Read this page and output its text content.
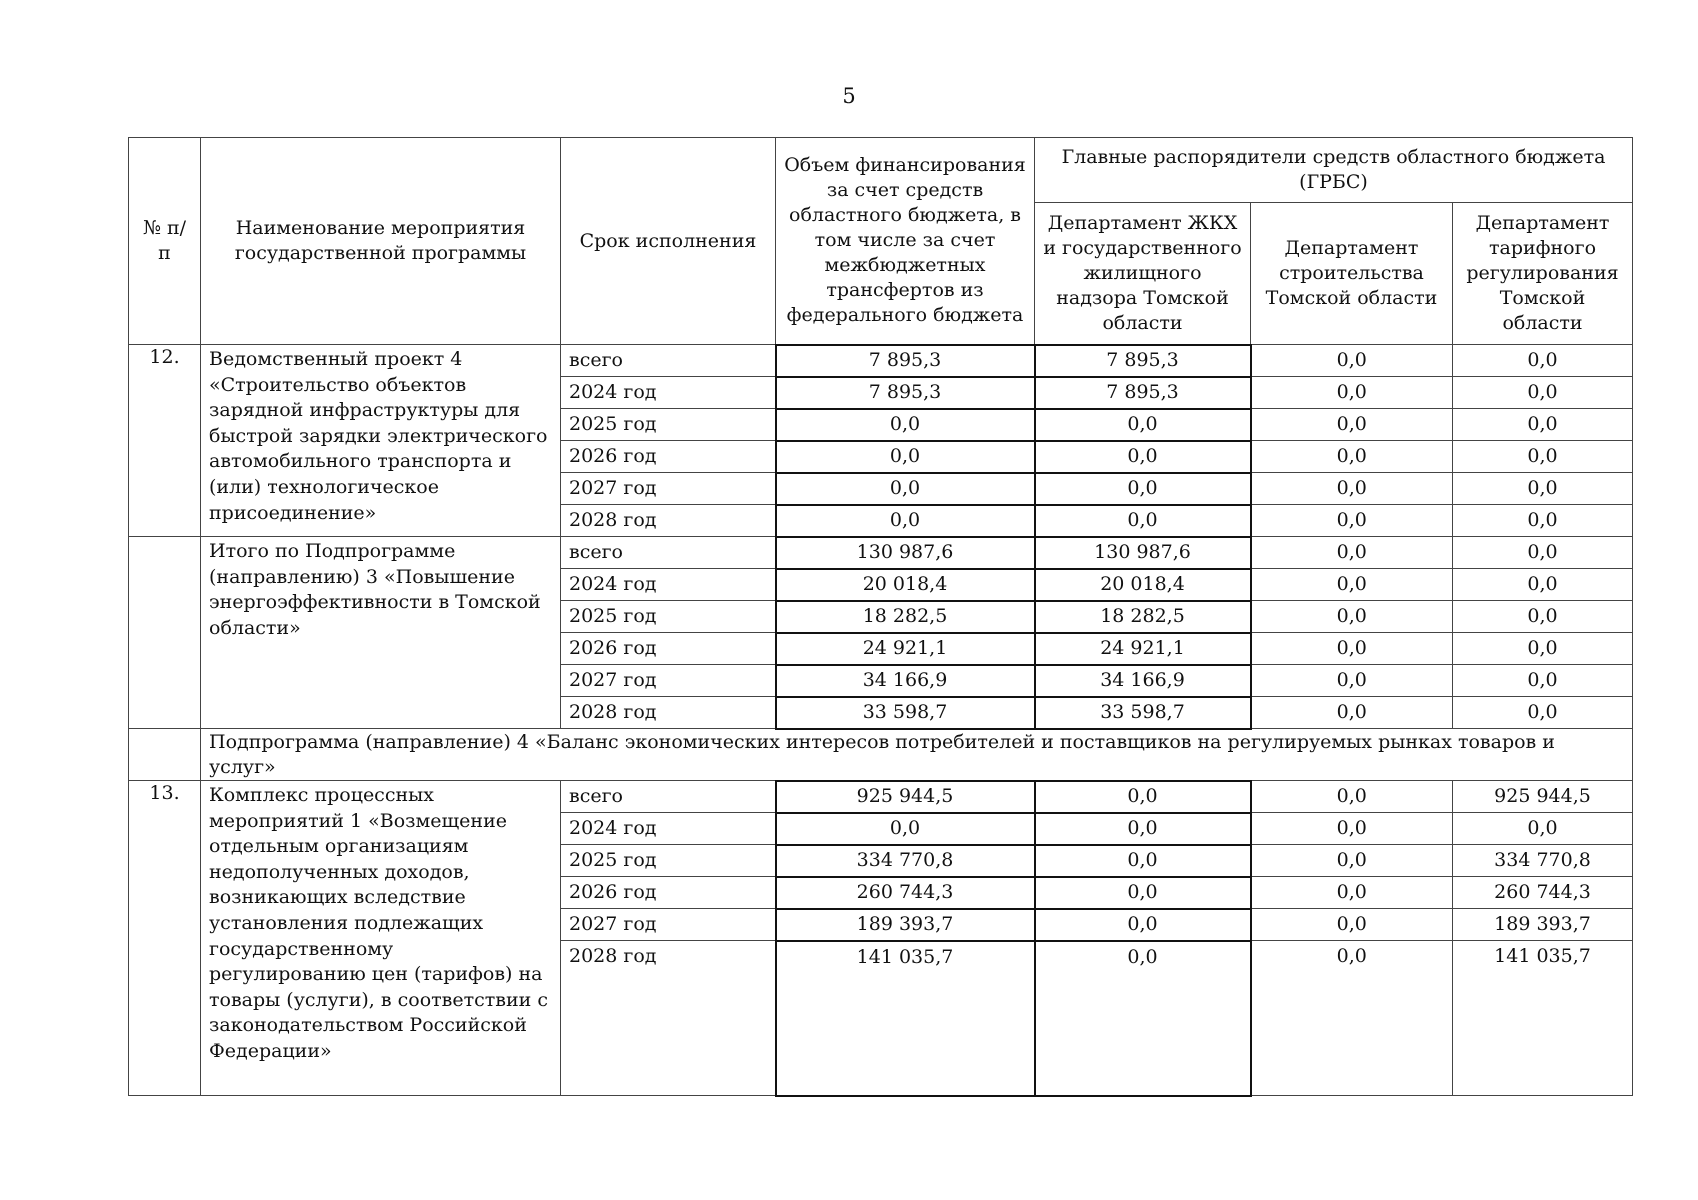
5
№ п/п	Наименование мероприятия государственной программы	Срок исполнения	Объем финансирования за счет средств областного бюджета, в том числе за счет межбюджетных трансфертов из федерального бюджета	Главные распорядители средств областного бюджета (ГРБС)		
				Департамент ЖКХ и государственного жилищного надзора Томской области	Департамент строительства Томской области	Департамент тарифного регулирования Томской области
12.	Ведомственный проект 4 «Строительство объектов зарядной инфраструктуры для быстрой зарядки электрического автомобильного транспорта и (или) технологическое присоединение»	всего	7 895,3	7 895,3	0,0	0,0
		2024 год	7 895,3	7 895,3	0,0	0,0
		2025 год	0,0	0,0	0,0	0,0
		2026 год	0,0	0,0	0,0	0,0
		2027 год	0,0	0,0	0,0	0,0
		2028 год	0,0	0,0	0,0	0,0
	Итого по Подпрограмме (направлению) 3 «Повышение энергоэффективности в Томской области»	всего	130 987,6	130 987,6	0,0	0,0
		2024 год	20 018,4	20 018,4	0,0	0,0
		2025 год	18 282,5	18 282,5	0,0	0,0
		2026 год	24 921,1	24 921,1	0,0	0,0
		2027 год	34 166,9	34 166,9	0,0	0,0
		2028 год	33 598,7	33 598,7	0,0	0,0
	Подпрограмма (направление) 4 «Баланс экономических интересов потребителей и поставщиков на регулируемых рынках товаров и услуг»					
13.	Комплекс процессных мероприятий 1 «Возмещение отдельным организациям недополученных доходов, возникающих вследствие установления подлежащих государственному регулированию цен (тарифов) на товары (услуги), в соответствии с законодательством Российской Федерации»	всего	925 944,5	0,0	0,0	925 944,5
		2024 год	0,0	0,0	0,0	0,0
		2025 год	334 770,8	0,0	0,0	334 770,8
		2026 год	260 744,3	0,0	0,0	260 744,3
		2027 год	189 393,7	0,0	0,0	189 393,7
		2028 год	141 035,7	0,0	0,0	141 035,7
